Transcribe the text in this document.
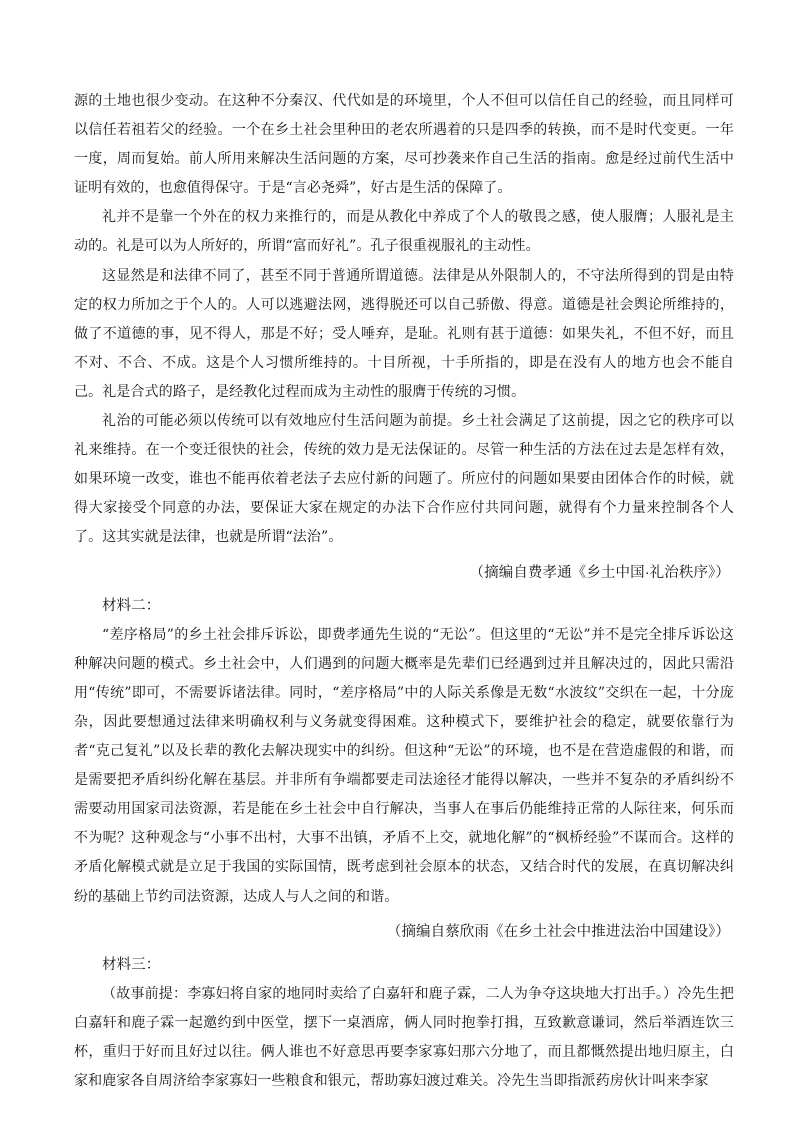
源的土地也很少变动。在这种不分秦汉、代代如是的环境里，个人不但可以信任自己的经验，而且同样可以信任若祖若父的经验。一个在乡土社会里种田的老农所遇着的只是四季的转换，而不是时代变更。一年一度，周而复始。前人所用来解决生活问题的方案，尽可抄袭来作自己生活的指南。愈是经过前代生活中证明有效的，也愈值得保守。于是“言必尧舜”，好古是生活的保障了。

礼并不是靠一个外在的权力来推行的，而是从教化中养成了个人的敬畏之感，使人服膺；人服礼是主动的。礼是可以为人所好的，所谓“富而好礼”。孔子很重视服礼的主动性。

这显然是和法律不同了，甚至不同于普通所谓道德。法律是从外限制人的，不守法所得到的罚是由特定的权力所加之于个人的。人可以逃避法网，逃得脱还可以自己骄傲、得意。道德是社会舆论所维持的，做了不道德的事，见不得人，那是不好；受人唾弃，是耻。礼则有甚于道德：如果失礼，不但不好，而且不对、不合、不成。这是个人习惯所维持的。十目所视，十手所指的，即是在没有人的地方也会不能自己。礼是合式的路子，是经教化过程而成为主动性的服膺于传统的习惯。

礼治的可能必须以传统可以有效地应付生活问题为前提。乡土社会满足了这前提，因之它的秩序可以礼来维持。在一个变迁很快的社会，传统的效力是无法保证的。尽管一种生活的方法在过去是怎样有效，如果环境一改变，谁也不能再依着老法子去应付新的问题了。所应付的问题如果要由团体合作的时候，就得大家接受个同意的办法，要保证大家在规定的办法下合作应付共同问题，就得有个力量来控制各个人了。这其实就是法律，也就是所谓“法治”。

（摘编自费孝通《乡土中国·礼治秩序》）

材料二：

“差序格局”的乡土社会排斥诉讼，即费孝通先生说的“无讼”。但这里的“无讼”并不是完全排斥诉讼这种解决问题的模式。乡土社会中，人们遇到的问题大概率是先辈们已经遇到过并且解决过的，因此只需沿用“传统”即可，不需要诉诸法律。同时，“差序格局”中的人际关系像是无数“水波纹”交织在一起，十分庞杂，因此要想通过法律来明确权利与义务就变得困难。这种模式下，要维护社会的稳定，就要依靠行为者“克己复礼”以及长辈的教化去解决现实中的纠纷。但这种“无讼”的环境，也不是在营造虚假的和谐，而是需要把矛盾纠纷化解在基层。并非所有争端都要走司法途径才能得以解决，一些并不复杂的矛盾纠纷不需要动用国家司法资源，若是能在乡土社会中自行解决，当事人在事后仍能维持正常的人际往来，何乐而不为呢？这种观念与“小事不出村，大事不出镇，矛盾不上交，就地化解”的“枫桥经验”不谋而合。这样的矛盾化解模式就是立足于我国的实际国情，既考虑到社会原本的状态，又结合时代的发展，在真切解决纠纷的基础上节约司法资源，达成人与人之间的和谐。

（摘编自蔡欣雨《在乡土社会中推进法治中国建设》）

材料三：

（故事前提：李寡妇将自家的地同时卖给了白嘉轩和鹿子霖，二人为争夺这块地大打出手。）冷先生把白嘉轩和鹿子霖一起邀约到中医堂，摆下一桌酒席，俩人同时抱拳打揖，互致歉意谦词，然后举酒连饮三杯，重归于好而且好过以往。俩人谁也不好意思再要李家寡妇那六分地了，而且都慨然提出地归原主，白家和鹿家各自周济给李家寡妇一些粮食和银元，帮助寡妇渡过难关。冷先生当即指派药房伙计叫来李家
